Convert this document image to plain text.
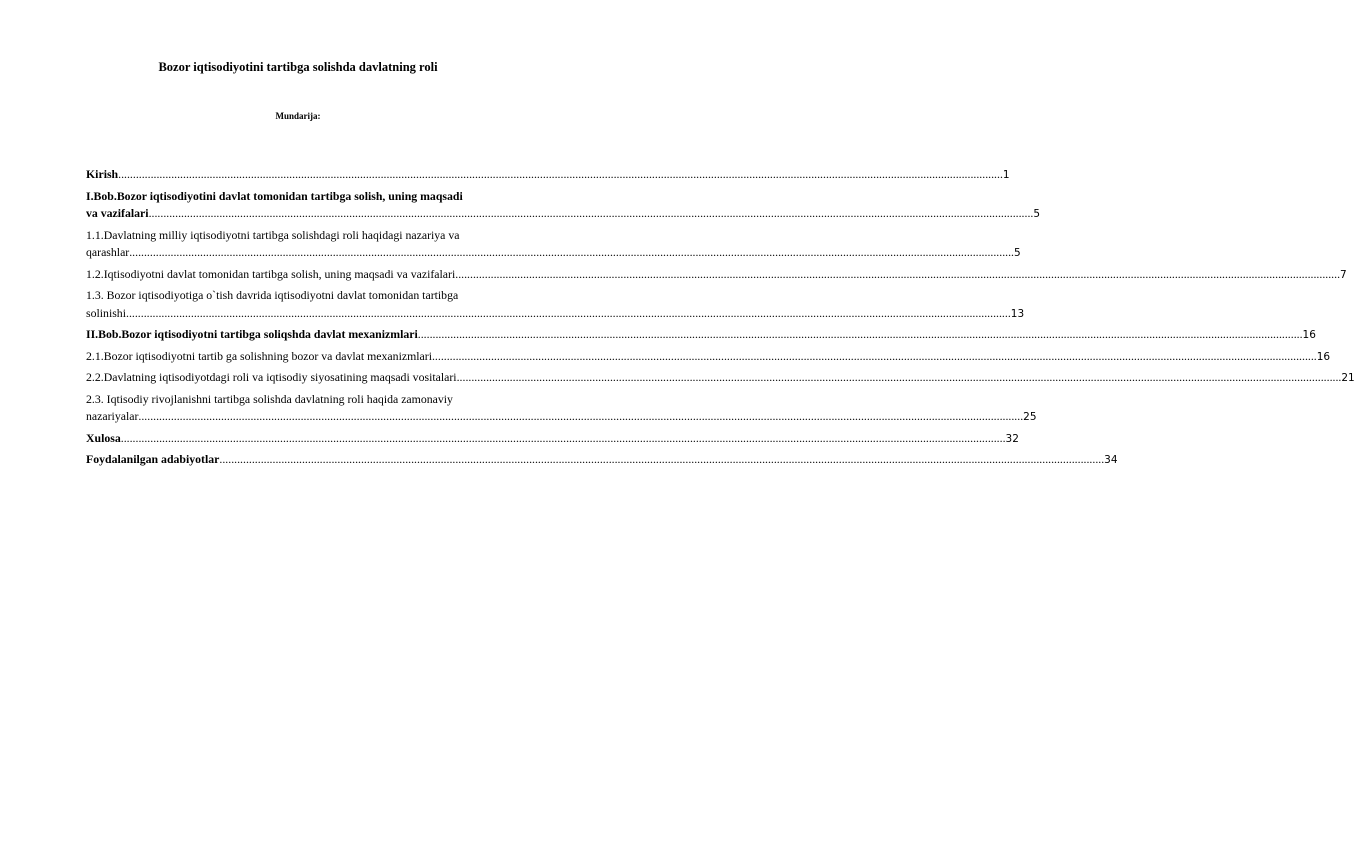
Bozor iqtisodiyotini tartibga solishda davlatning roli
Mundarija:
Kirish ............................................................................................................................................................................................................................................................................................................ 1
I.Bob.Bozor iqtisodiyotini davlat tomonidan tartibga solish, uning maqsadi
va vazifalari ............................................................................................................................................................................................................................................................................................................ 5
1.1.Davlatning milliy iqtisodiyotni tartibga solishdagi roli haqidagi nazariya va
qarashlar ............................................................................................................................................................................................................................................................................................................ 5
1.2.Iqtisodiyotni davlat tomonidan tartibga solish, uning maqsadi va vazifalari ............................................................................................................................................................................................................................................................................................................ 7
1.3. Bozor iqtisodiyotiga o`tish davrida iqtisodiyotni davlat tomonidan tartibga
solinishi ............................................................................................................................................................................................................................................................................................................ 13
II.Bob.Bozor iqtisodiyotni tartibga soliqshda davlat mexanizmlari ............................................................................................................................................................................................................................................................................................................ 16
2.1.Bozor iqtisodiyotni tartib ga solishning bozor va davlat mexanizmlari ............................................................................................................................................................................................................................................................................................................ 16
2.2.Davlatning iqtisodiyotdagi roli va iqtisodiy siyosatining maqsadi vositalari ............................................................................................................................................................................................................................................................................................................ 21
2.3. Iqtisodiy rivojlanishni tartibga solishda davlatning roli haqida zamonaviy
nazariyalar ............................................................................................................................................................................................................................................................................................................ 25
Xulosa ............................................................................................................................................................................................................................................................................................................ 32
Foydalanilgan adabiyotlar ............................................................................................................................................................................................................................................................................................................ 34
